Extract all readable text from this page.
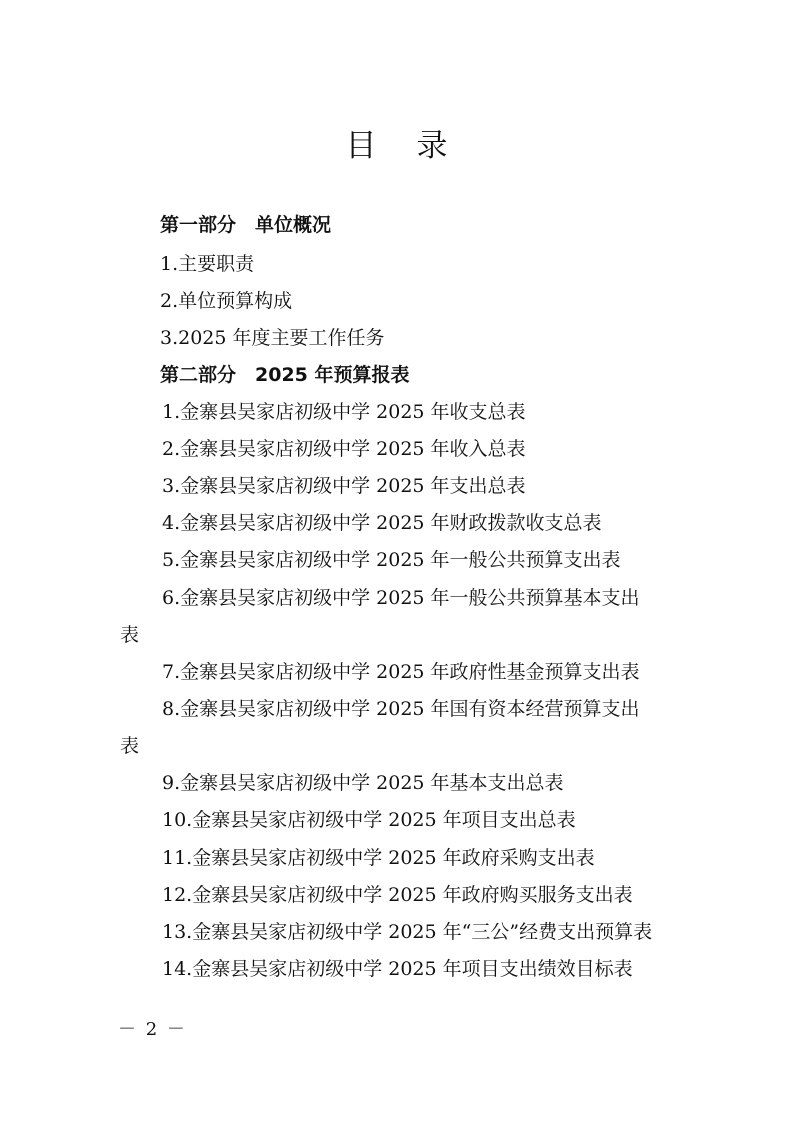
目录
第一部分　单位概况
1.主要职责
2.单位预算构成
3.2025 年度主要工作任务
第二部分　2025 年预算报表
1.金寨县吴家店初级中学 2025 年收支总表
2.金寨县吴家店初级中学 2025 年收入总表
3.金寨县吴家店初级中学 2025 年支出总表
4.金寨县吴家店初级中学 2025 年财政拨款收支总表
5.金寨县吴家店初级中学 2025 年一般公共预算支出表
6.金寨县吴家店初级中学 2025 年一般公共预算基本支出
表
7.金寨县吴家店初级中学 2025 年政府性基金预算支出表
8.金寨县吴家店初级中学 2025 年国有资本经营预算支出
表
9.金寨县吴家店初级中学 2025 年基本支出总表
10.金寨县吴家店初级中学 2025 年项目支出总表
11.金寨县吴家店初级中学 2025 年政府采购支出表
12.金寨县吴家店初级中学 2025 年政府购买服务支出表
13.金寨县吴家店初级中学 2025 年“三公”经费支出预算表
14.金寨县吴家店初级中学 2025 年项目支出绩效目标表
－ 2 －
